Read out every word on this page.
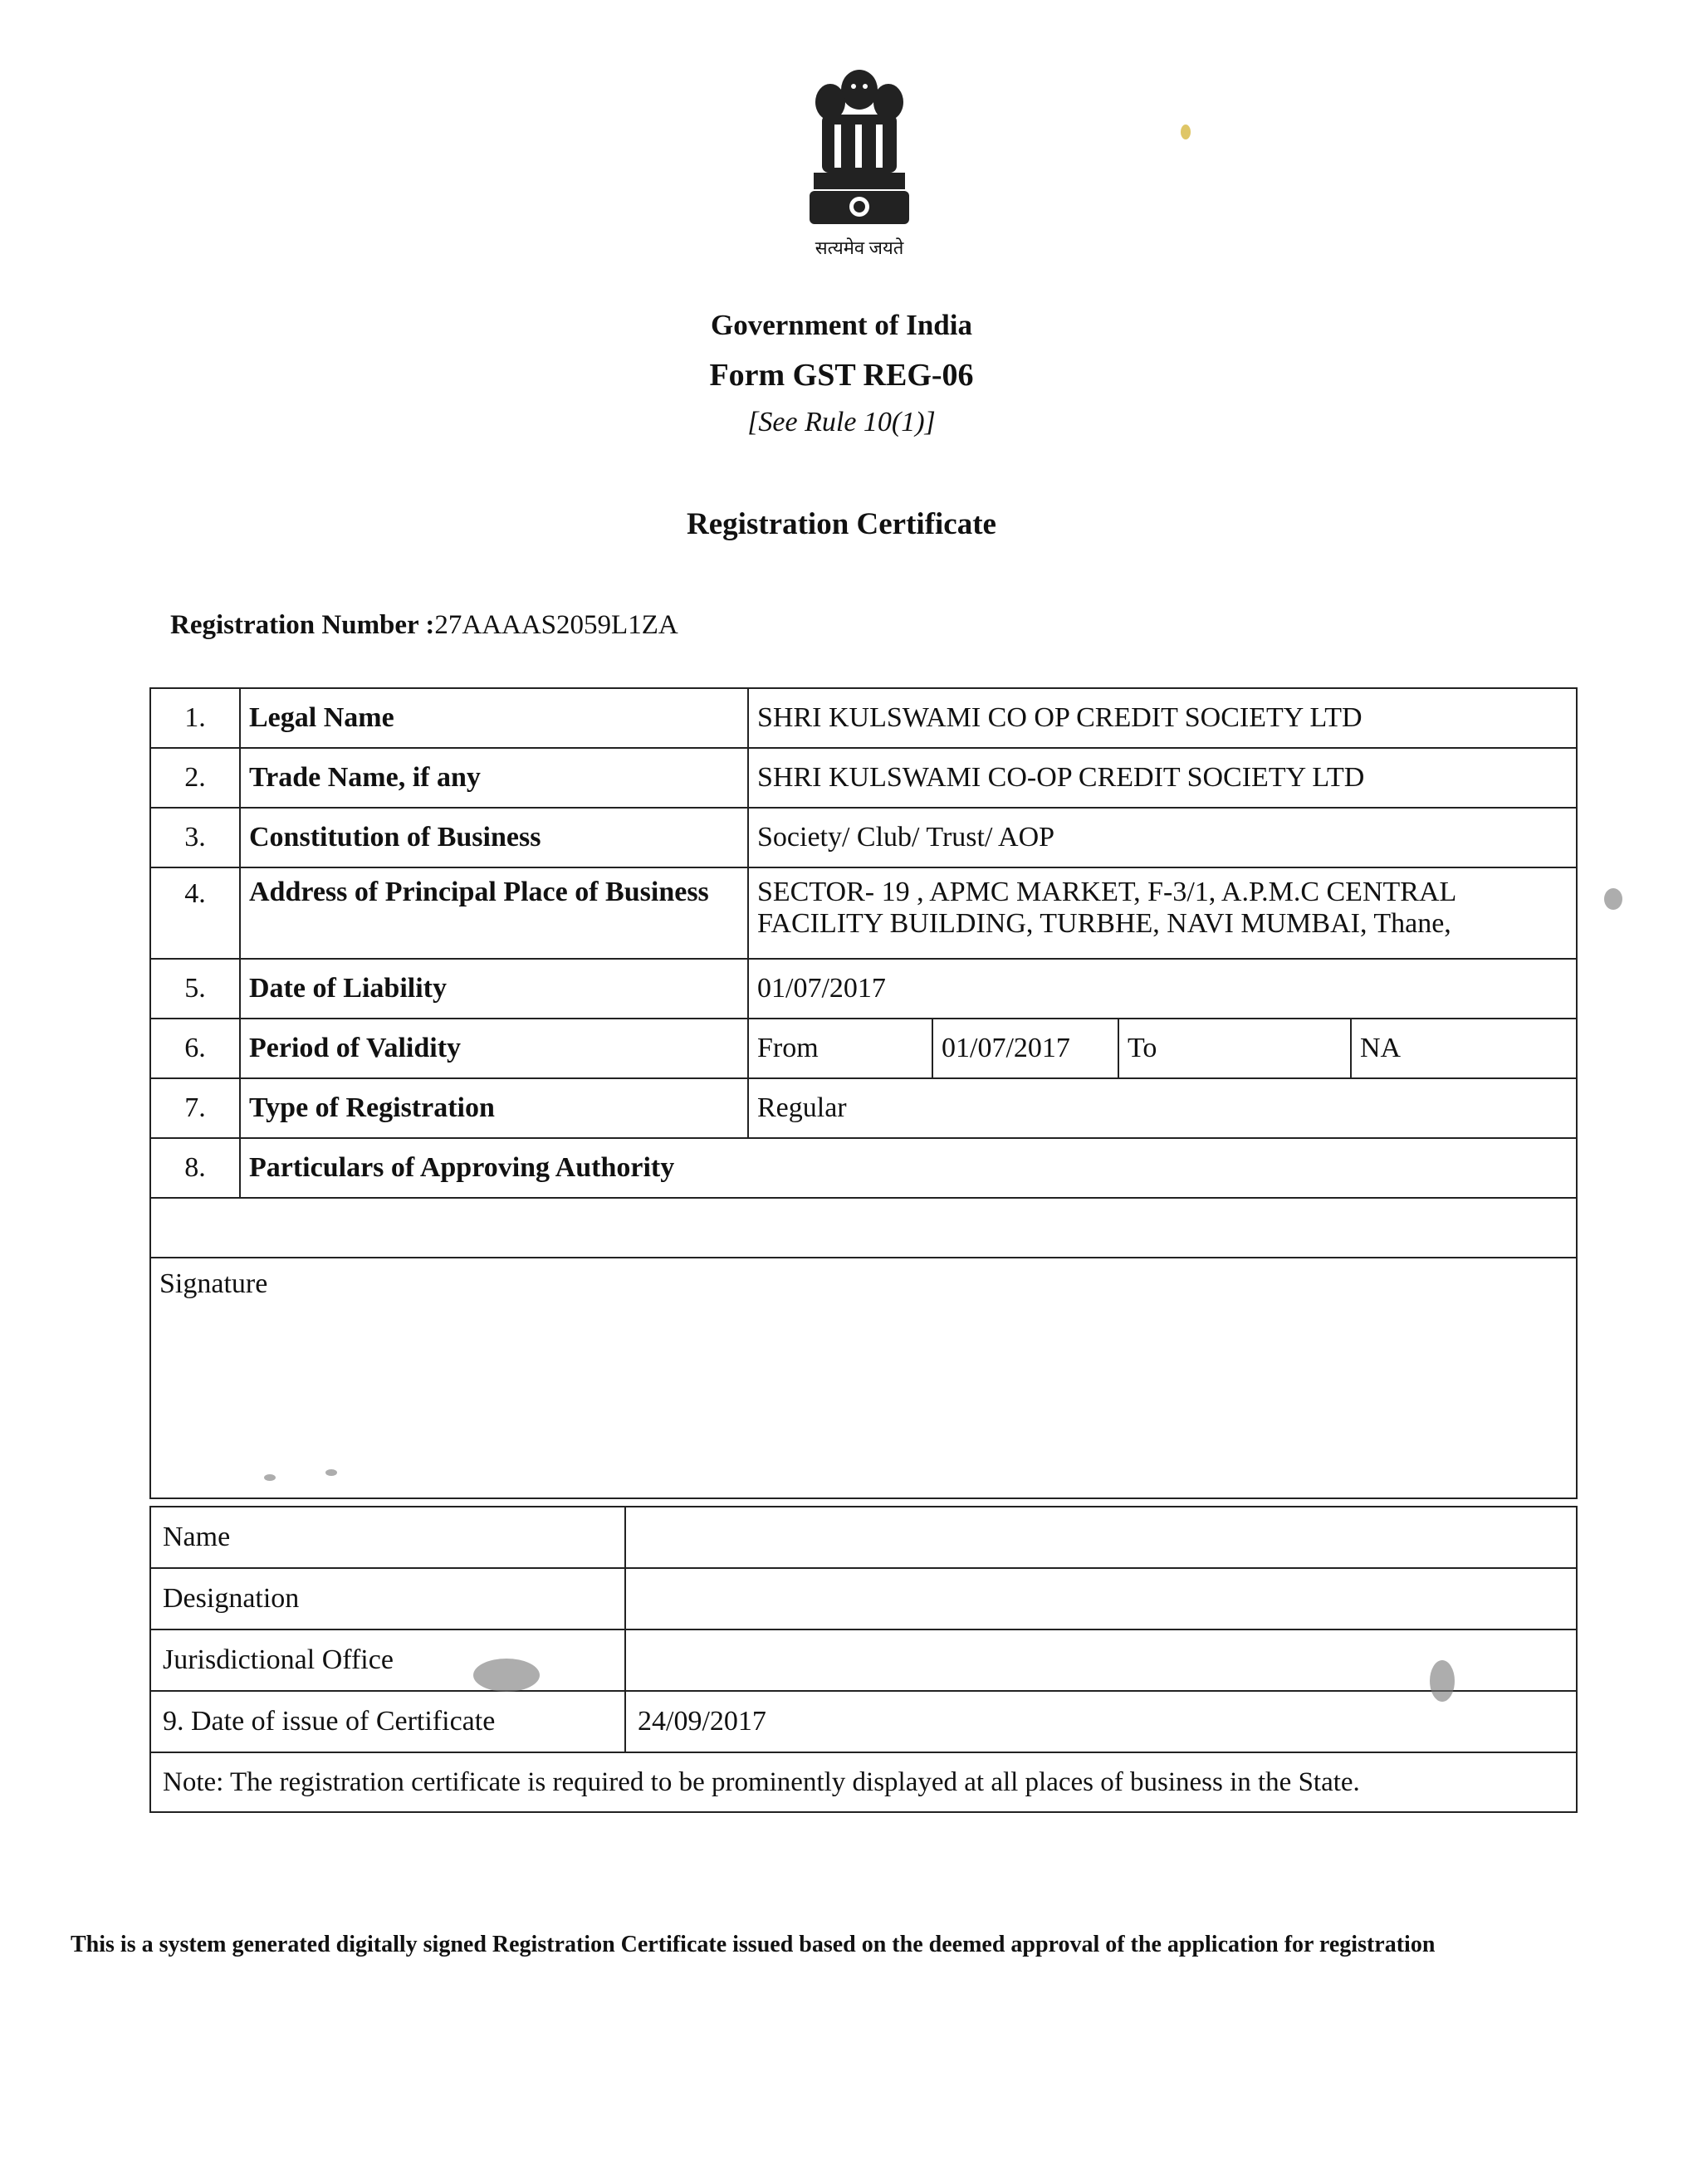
सत्यमेव जयते
Government of India
Form GST REG-06
[See Rule 10(1)]
Registration Certificate
Registration Number :27AAAAS2059L1ZA
1.	Legal Name	SHRI KULSWAMI CO OP CREDIT SOCIETY LTD			
2.	Trade Name, if any	SHRI KULSWAMI CO-OP CREDIT SOCIETY LTD			
3.	Constitution of Business	Society/ Club/ Trust/ AOP			
4.	Address of Principal Place of Business	SECTOR- 19 , APMC MARKET, F-3/1, A.P.M.C CENTRAL FACILITY BUILDING, TURBHE, NAVI MUMBAI, Thane,			
5.	Date of Liability	01/07/2017			
6.	Period of Validity	From	01/07/2017	To	NA
7.	Type of Registration	Regular			
8.	Particulars of Approving Authority				

Signature					
Name	
Designation	
Jurisdictional Office	
9. Date of issue of Certificate	24/09/2017
Note: The registration certificate is required to be prominently displayed at all places of business in the State.	
This is a system generated digitally signed Registration Certificate issued based on the deemed approval of the application for registration
